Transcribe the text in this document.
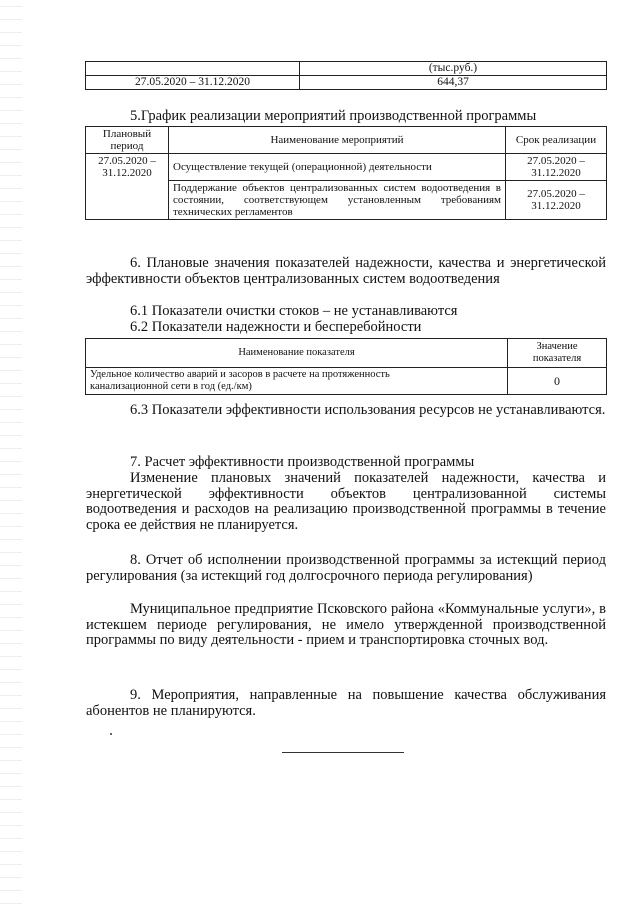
	(тыс.руб.)
27.05.2020 – 31.12.2020	644,37
5.График реализации мероприятий производственной программы
Плановый период	Наименование мероприятий	Срок реализации
27.05.2020 – 31.12.2020	Осуществление текущей (операционной) деятельности	27.05.2020 – 31.12.2020
	Поддержание объектов централизованных систем водоотведения в состоянии, соответствующем установленным требованиям технических регламентов	27.05.2020 – 31.12.2020
6. Плановые значения показателей надежности, качества и энергетической эффективности объектов централизованных систем водоотведения
6.1 Показатели очистки стоков – не устанавливаются
6.2 Показатели надежности и бесперебойности
Наименование показателя	Значение показателя
Удельное количество аварий и засоров в расчете на протяженность канализационной сети в год (ед./км)	0
6.3 Показатели эффективности использования ресурсов не устанавливаются.
7. Расчет эффективности производственной программы
Изменение плановых значений показателей надежности, качества и энергетической эффективности объектов централизованной системы водоотведения и расходов на реализацию производственной программы в течение срока ее действия не планируется.
8. Отчет об исполнении производственной программы за истекщий период регулирования (за истекщий год долгосрочного периода регулирования)
Муниципальное предприятие Псковского района «Коммунальные услуги», в истекшем периоде регулирования, не имело утвержденной производственной программы по виду деятельности - прием и транспортировка сточных вод.
9. Мероприятия, направленные на повышение качества обслуживания абонентов не планируются.
